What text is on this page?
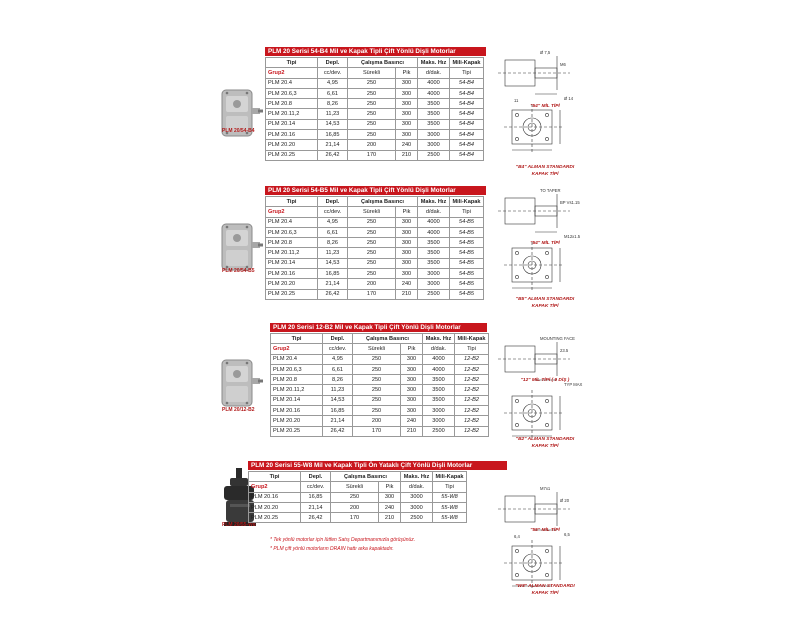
PLM 20/54-B4
PLM 20 Serisi 54-B4 Mil ve Kapak Tipli Çift Yönlü Dişli Motorlar
Tipi	Depl.	Çalışma Basıncı		Maks. Hız	Mili-Kapak
Grup2	cc/dev.	Sürekli	Pik	d/dak.	Tipi
PLM 20.4	4,95	250	300	4000	54-B4
PLM 20.6,3	6,61	250	300	4000	54-B4
PLM 20.8	8,26	250	300	3500	54-B4
PLM 20.11,2	11,23	250	300	3500	54-B4
PLM 20.14	14,53	250	300	3500	54-B4
PLM 20.16	16,85	250	300	3000	54-B4
PLM 20.20	21,14	200	240	3000	54-B4
PLM 20.25	26,42	170	210	2500	54-B4
Ø 7,5
M6
Ø 14
11
"54" MİL TİPİ
"B4" ALMAN STANDARDI
KAPAK TİPİ
PLM 20/54-B5
PLM 20 Serisi 54-B5 Mil ve Kapak Tipli Çift Yönlü Dişli Motorlar
Tipi	Depl.	Çalışma Basıncı		Maks. Hız	Mili-Kapak
Grup2	cc/dev.	Sürekli	Pik	d/dak.	Tipi
PLM 20.4	4,95	250	300	4000	54-B5
PLM 20.6,3	6,61	250	300	4000	54-B5
PLM 20.8	8,26	250	300	3500	54-B5
PLM 20.11,2	11,23	250	300	3500	54-B5
PLM 20.14	14,53	250	300	3500	54-B5
PLM 20.16	16,85	250	300	3000	54-B5
PLM 20.20	21,14	200	240	3000	54-B5
PLM 20.25	26,42	170	210	2500	54-B5
TO TAPER
BP Vs1.15
M12x1.5
"54" MİL TİPİ
"B5" ALMAN STANDARDI
KAPAK TİPİ
PLM 20/12-B2
PLM 20 Serisi 12-B2 Mil ve Kapak Tipli Çift Yönlü Dişli Motorlar
Tipi	Depl.	Çalışma Basıncı		Maks. Hız	Mili-Kapak
Grup2	cc/dev.	Sürekli	Pik	d/dak.	Tipi
PLM 20.4	4,95	250	300	4000	12-B2
PLM 20.6,3	6,61	250	300	4000	12-B2
PLM 20.8	8,26	250	300	3500	12-B2
PLM 20.11,2	11,23	250	300	3500	12-B2
PLM 20.14	14,53	250	300	3500	12-B2
PLM 20.16	16,85	250	300	3000	12-B2
PLM 20.20	21,14	200	240	3000	12-B2
PLM 20.25	26,42	170	210	2500	12-B2
MOUNTING FACE
23.5
TYP MAX
"12" MİL TİPİ ( 9 DİŞ )
"B2" ALMAN STANDARDI
KAPAK TİPİ
PLM 20/55-W8
PLM 20 Serisi 55-W8 Mil ve Kapak Tipli Ön Yataklı Çift Yönlü Dişli Motorlar
Tipi	Depl.	Çalışma Basıncı		Maks. Hız	Mili-Kapak
Grup2	cc/dev.	Sürekli	Pik	d/dak.	Tipi
PLM 20.16	16,85	250	300	3000	55-W8
PLM 20.20	21,14	200	240	3000	55-W8
PLM 20.25	26,42	170	210	2500	55-W8
M7x1
Ø 20
6,5
6,4
"55" MİL TİPİ
"W8" ALMAN STANDARDI
KAPAK TİPİ
* Tek yönlü motorlar için lütfen Satış Departmanımızla görüşünüz.
* PLM çift yönlü motorların DRAIN hattı arka kapaktadır.
